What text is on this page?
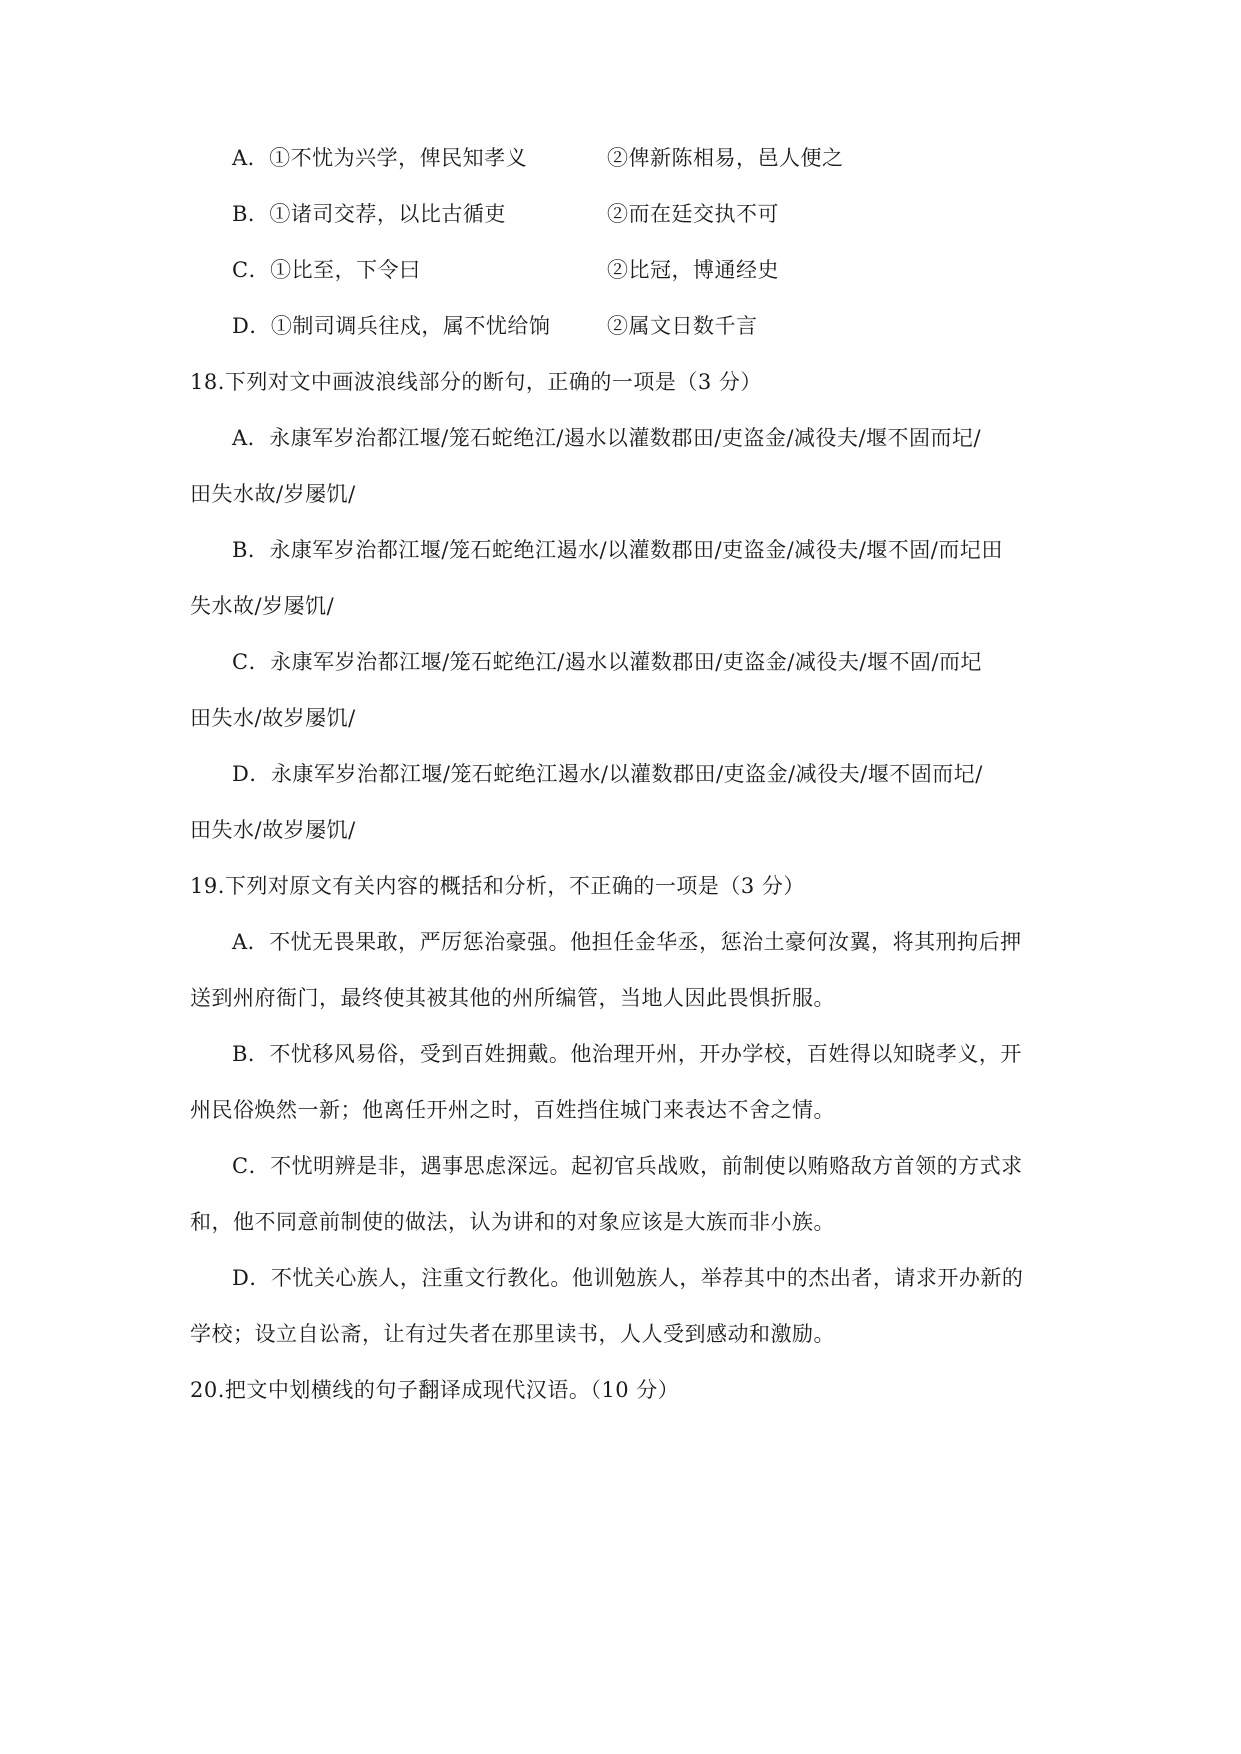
A．①不忧为兴学，俾民知孝义	②俾新陈相易，邑人便之
B．①诸司交荐，以比古循吏	②而在廷交执不可
C．①比至，下令曰	②比冠，博通经史
D．①制司调兵往戍，属不忧给饷	②属文日数千言
18.下列对文中画波浪线部分的断句，正确的一项是（3 分）
A．永康军岁治都江堰/笼石蛇绝江/遏水以灌数郡田/吏盗金/减役夫/堰不固而圮/
田失水故/岁屡饥/
B．永康军岁治都江堰/笼石蛇绝江遏水/以灌数郡田/吏盗金/减役夫/堰不固/而圮田
失水故/岁屡饥/
C．永康军岁治都江堰/笼石蛇绝江/遏水以灌数郡田/吏盗金/减役夫/堰不固/而圮
田失水/故岁屡饥/
D．永康军岁治都江堰/笼石蛇绝江遏水/以灌数郡田/吏盗金/减役夫/堰不固而圮/
田失水/故岁屡饥/
19.下列对原文有关内容的概括和分析，不正确的一项是（3 分）
A．不忧无畏果敢，严厉惩治豪强。他担任金华丞，惩治土豪何汝翼，将其刑拘后押
送到州府衙门，最终使其被其他的州所编管，当地人因此畏惧折服。
B．不忧移风易俗，受到百姓拥戴。他治理开州，开办学校，百姓得以知晓孝义，开
州民俗焕然一新；他离任开州之时，百姓挡住城门来表达不舍之情。
C．不忧明辨是非，遇事思虑深远。起初官兵战败，前制使以贿赂敌方首领的方式求
和，他不同意前制使的做法，认为讲和的对象应该是大族而非小族。
D．不忧关心族人，注重文行教化。他训勉族人，举荐其中的杰出者，请求开办新的
学校；设立自讼斋，让有过失者在那里读书，人人受到感动和激励。
20.把文中划横线的句子翻译成现代汉语。（10 分）
